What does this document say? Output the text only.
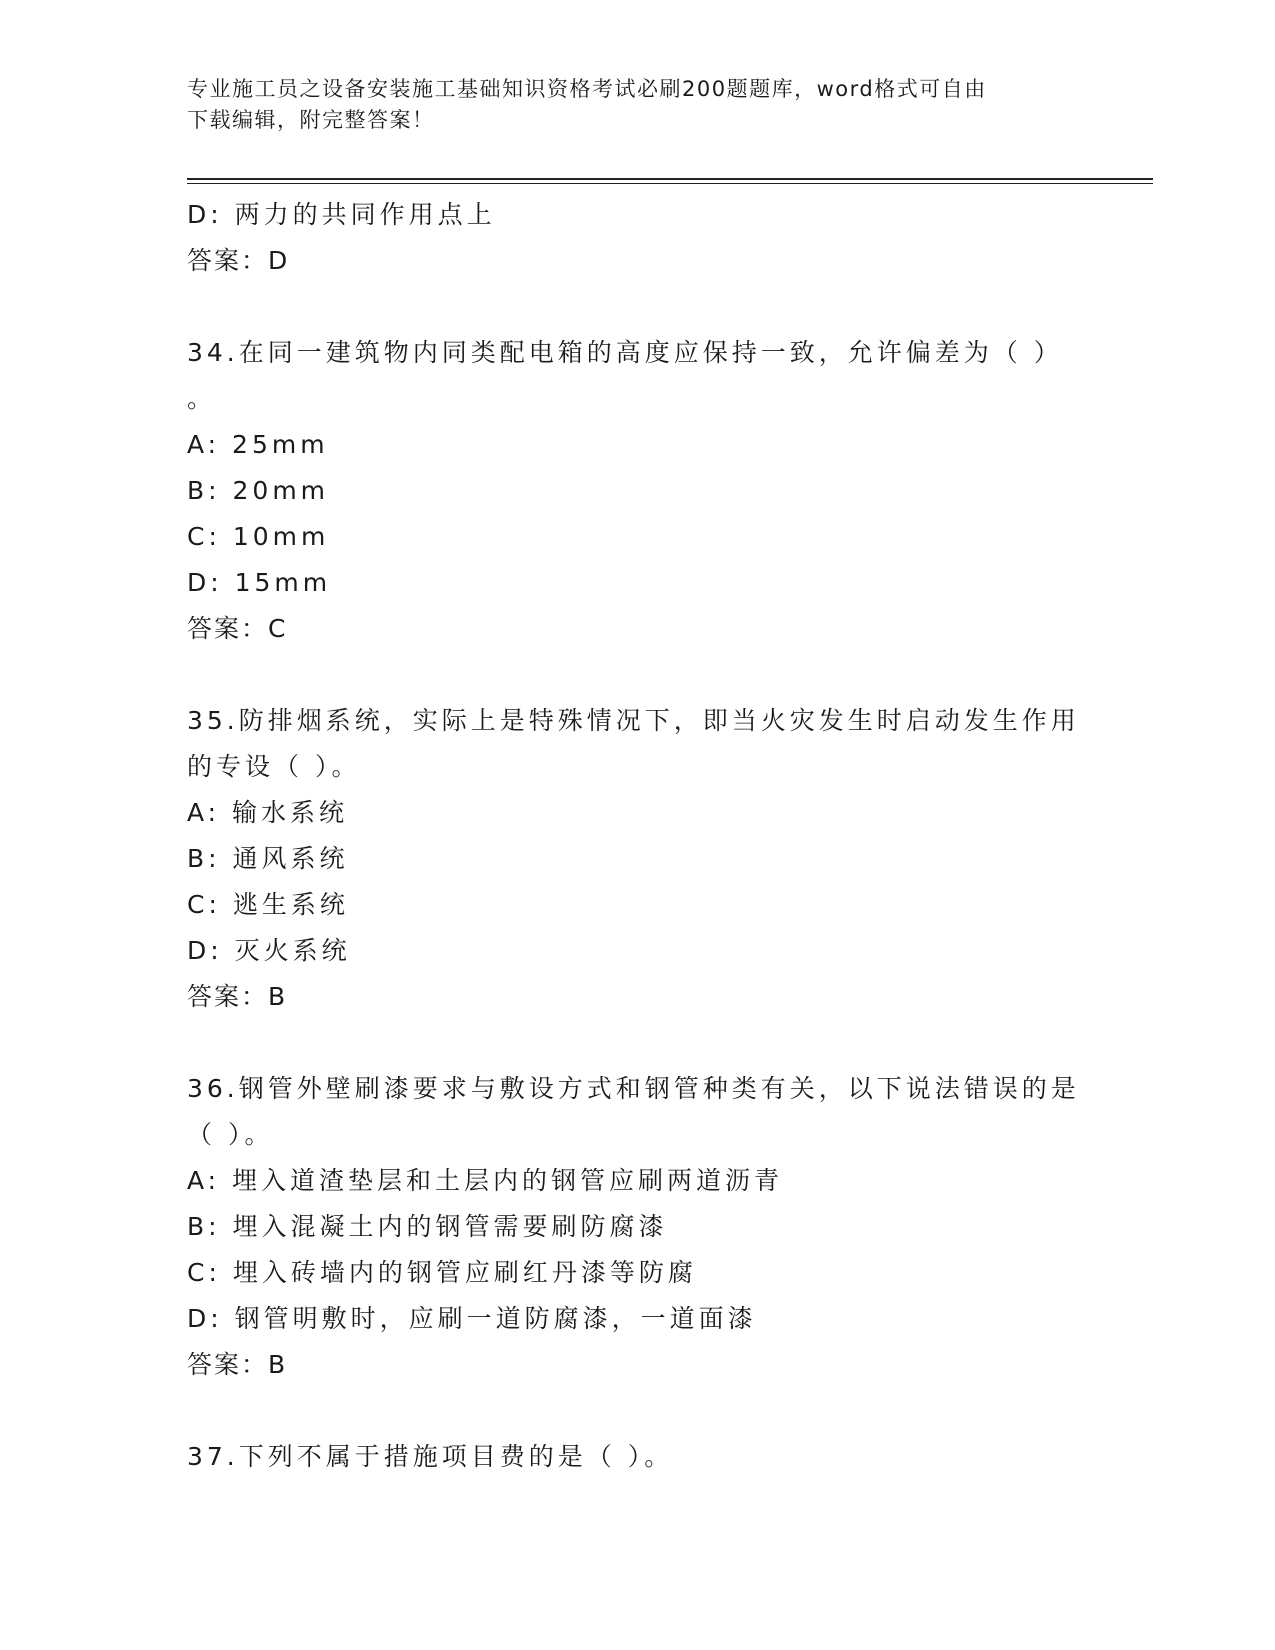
专业施工员之设备安装施工基础知识资格考试必刷200题题库，word格式可自由
下载编辑，附完整答案！
D: 两力的共同作用点上
答案：D
34.在同一建筑物内同类配电箱的高度应保持一致，允许偏差为（ ）
。
A: 25mm
B: 20mm
C: 10mm
D: 15mm
答案：C
35.防排烟系统，实际上是特殊情况下，即当火灾发生时启动发生作用
的专设（ ）。
A: 输水系统
B: 通风系统
C: 逃生系统
D: 灭火系统
答案：B
36.钢管外壁刷漆要求与敷设方式和钢管种类有关，以下说法错误的是
（ ）。
A: 埋入道渣垫层和土层内的钢管应刷两道沥青
B: 埋入混凝土内的钢管需要刷防腐漆
C: 埋入砖墙内的钢管应刷红丹漆等防腐
D: 钢管明敷时，应刷一道防腐漆，一道面漆
答案：B
37.下列不属于措施项目费的是（ ）。
